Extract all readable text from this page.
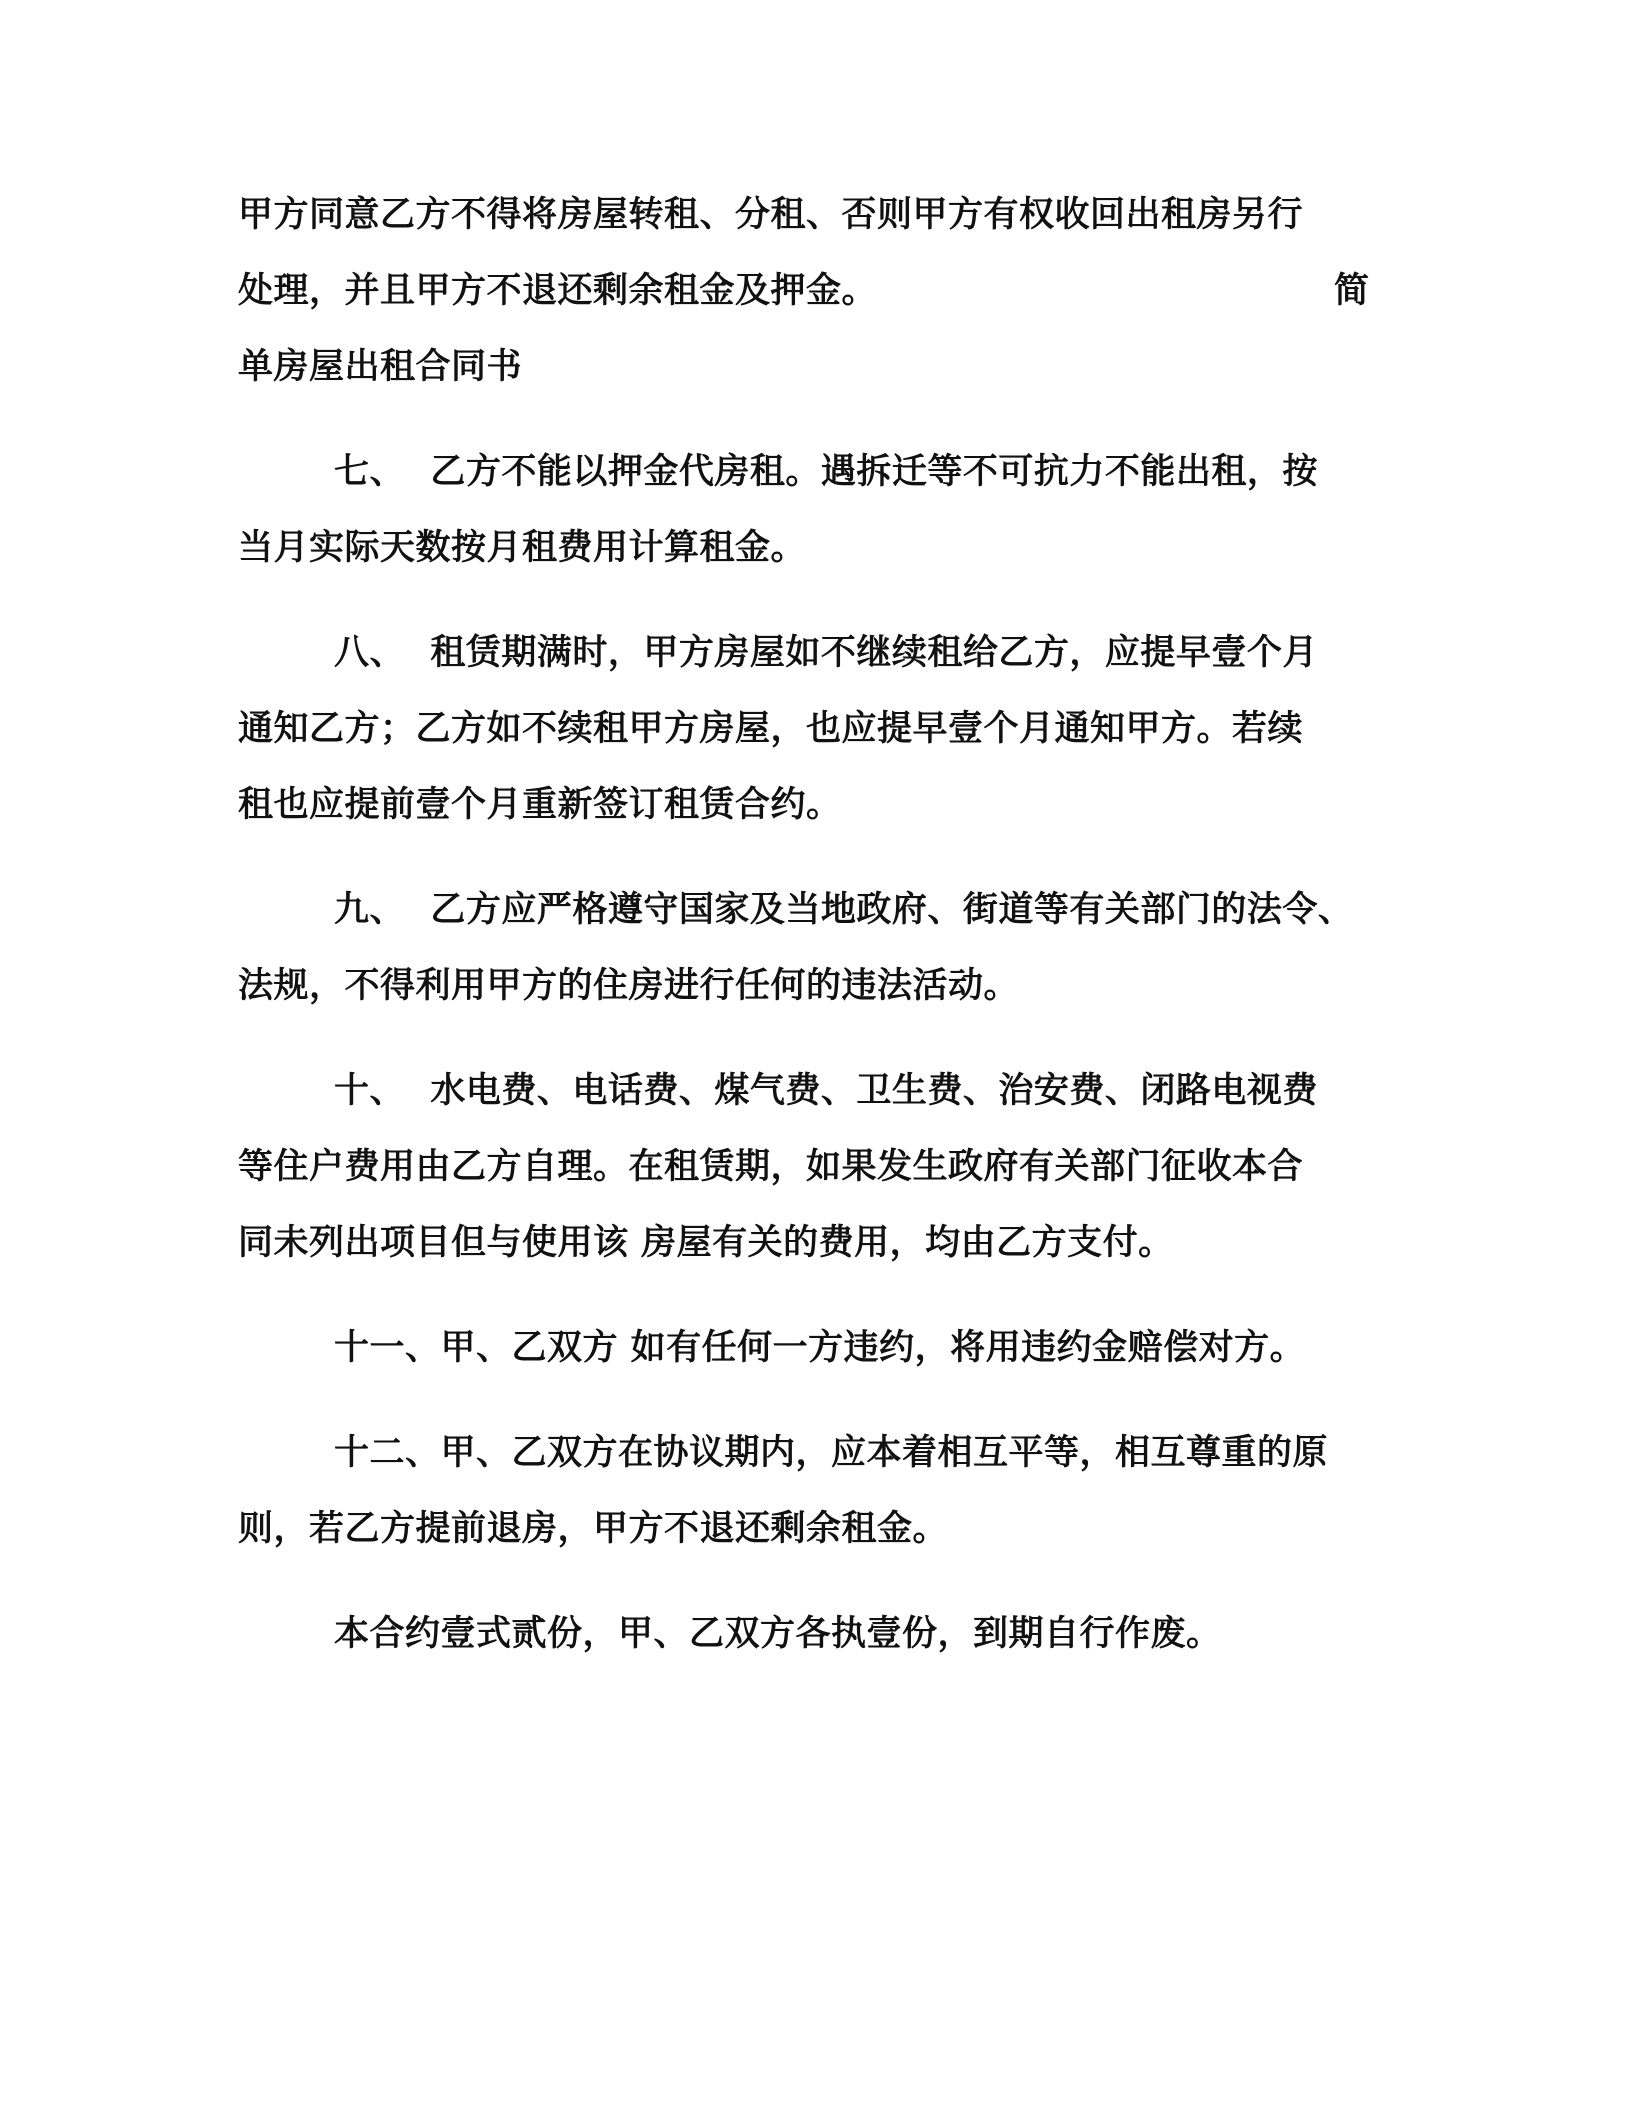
甲方同意乙方不得将房屋转租、分租、否则甲方有权收回出租房另行
处理，并且甲方不退还剩余租金及押金。	简
单房屋出租合同书
七、  乙方不能以押金代房租。遇拆迁等不可抗力不能出租，按
当月实际天数按月租费用计算租金。
八、  租赁期满时，甲方房屋如不继续租给乙方，应提早壹个月
通知乙方；乙方如不续租甲方房屋，也应提早壹个月通知甲方。若续
租也应提前壹个月重新签订租赁合约。
九、  乙方应严格遵守国家及当地政府、街道等有关部门的法令、
法规，不得利用甲方的住房进行任何的违法活动。
十、  水电费、电话费、煤气费、卫生费、治安费、闭路电视费
等住户费用由乙方自理。在租赁期，如果发生政府有关部门征收本合
同未列出项目但与使用该 房屋有关的费用，均由乙方支付。
十一、甲、乙双方 如有任何一方违约，将用违约金赔偿对方。
十二、甲、乙双方在协议期内，应本着相互平等，相互尊重的原
则，若乙方提前退房，甲方不退还剩余租金。
本合约壹式贰份，甲、乙双方各执壹份，到期自行作废。
